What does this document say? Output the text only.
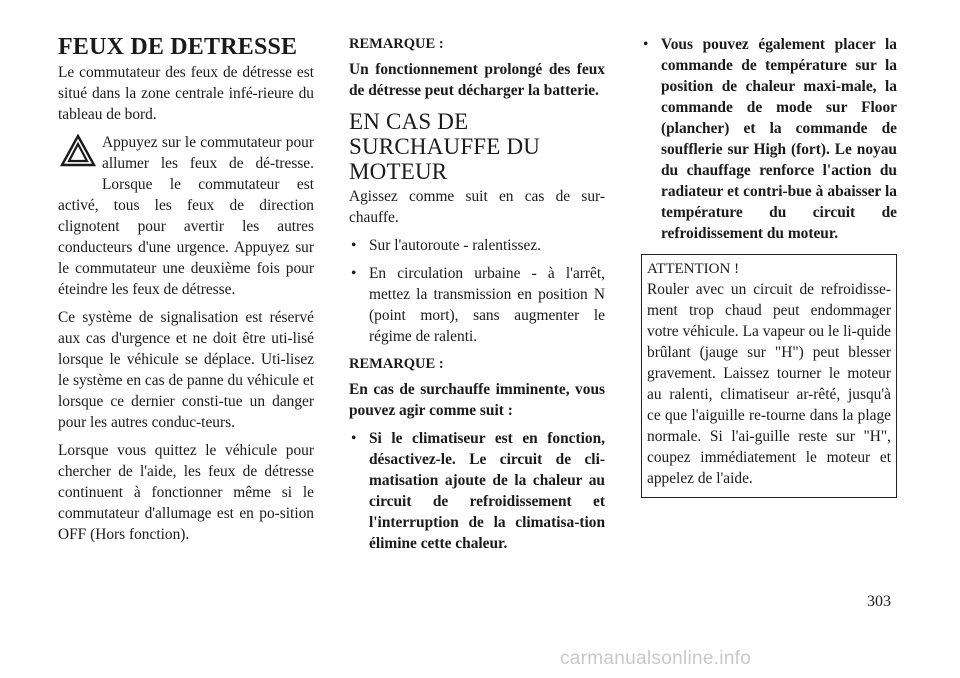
FEUX DE DETRESSE

Le commutateur des feux de détresse est situé dans la zone centrale infé-rieure du tableau de bord.

Appuyez sur le commutateur pour allumer les feux de dé-tresse. Lorsque le commutateur est activé, tous les feux de direction clignotent pour avertir les autres conducteurs d'une urgence. Appuyez sur le commutateur une deuxième fois pour éteindre les feux de détresse.

Ce système de signalisation est réservé aux cas d'urgence et ne doit être uti-lisé lorsque le véhicule se déplace. Uti-lisez le système en cas de panne du véhicule et lorsque ce dernier consti-tue un danger pour les autres conduc-teurs.

Lorsque vous quittez le véhicule pour chercher de l'aide, les feux de détresse continuent à fonctionner même si le commutateur d'allumage est en po-sition OFF (Hors fonction).

REMARQUE :

Un fonctionnement prolongé des feux de détresse peut décharger la batterie.

EN CAS DE SURCHAUFFE DU MOTEUR

Agissez comme suit en cas de sur-chauffe.

• Sur l'autoroute - ralentissez.
• En circulation urbaine - à l'arrêt, mettez la transmission en position N (point mort), sans augmenter le régime de ralenti.
REMARQUE :

En cas de surchauffe imminente, vous pouvez agir comme suit :

• Si le climatiseur est en fonction, désactivez-le. Le circuit de cli-matisation ajoute de la chaleur au circuit de refroidissement et l'interruption de la climatisa-tion élimine cette chaleur.
• Vous pouvez également placer la commande de température sur la position de chaleur maxi-male, la commande de mode sur Floor (plancher) et la commande de soufflerie sur High (fort). Le noyau du chauffage renforce l'action du radiateur et contri-bue à abaisser la température du circuit de refroidissement du moteur.
ATTENTION !

Rouler avec un circuit de refroidisse-ment trop chaud peut endommager votre véhicule. La vapeur ou le li-quide brûlant (jauge sur "H") peut blesser gravement. Laissez tourner le moteur au ralenti, climatiseur ar-rêté, jusqu'à ce que l'aiguille re-tourne dans la plage normale. Si l'ai-guille reste sur "H", coupez immédiatement le moteur et appelez de l'aide.

303
carmanualsonline.info
